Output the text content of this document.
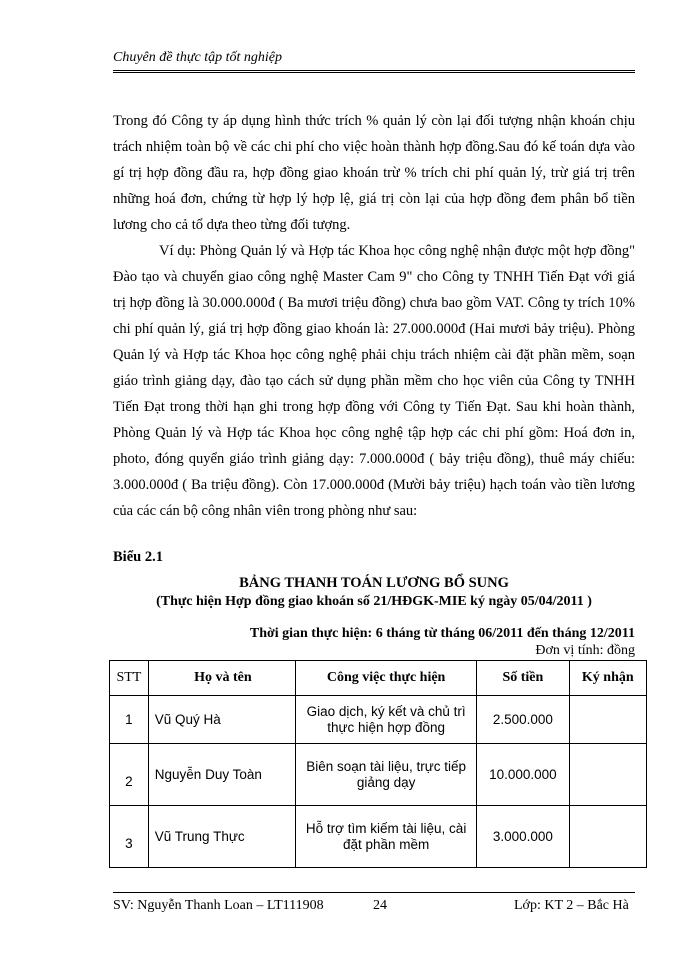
Chuyên đề thực tập tốt nghiệp
Trong đó Công ty áp dụng hình thức trích % quản lý còn lại đối tượng nhận khoán chịu trách nhiệm toàn bộ về các chi phí cho việc hoàn thành hợp đồng.Sau đó kế toán dựa vào gí trị hợp đồng đầu ra, hợp đồng giao khoán trừ % trích chi phí quản lý, trừ giá trị trên những hoá đơn, chứng từ hợp lý hợp lệ, giá trị còn lại của hợp đồng đem phân bổ tiền lương cho cả tổ dựa theo từng đối tượng.
Ví dụ: Phòng Quản lý và Hợp tác Khoa học công nghệ nhận được một hợp đồng" Đào tạo và chuyển giao công nghệ Master Cam 9" cho Công ty TNHH Tiến Đạt với giá trị hợp đồng là 30.000.000đ ( Ba mươi triệu đồng) chưa bao gồm VAT. Công ty trích 10% chi phí quản lý, giá trị hợp đồng giao khoán là: 27.000.000đ (Hai mươi bảy triệu). Phòng Quản lý và Hợp tác Khoa học công nghệ phải chịu trách nhiệm cài đặt phần mềm, soạn giáo trình giảng dạy, đào tạo cách sử dụng phần mềm cho học viên của Công ty TNHH Tiến Đạt trong thời hạn ghi trong hợp đồng với Công ty Tiến Đạt. Sau khi hoàn thành, Phòng Quản lý và Hợp tác Khoa học công nghệ tập hợp các chi phí gồm: Hoá đơn in, photo, đóng quyển giáo trình giảng dạy: 7.000.000đ ( bảy triệu đồng), thuê máy chiếu: 3.000.000đ ( Ba triệu đồng). Còn 17.000.000đ (Mười bảy triệu) hạch toán vào tiền lương của các cán bộ công nhân viên trong phòng như sau:
Biểu 2.1
BẢNG THANH TOÁN LƯƠNG BỔ SUNG
(Thực hiện Hợp đồng giao khoán số 21/HĐGK-MIE ký ngày 05/04/2011 )
Thời gian thực hiện: 6 tháng từ tháng 06/2011 đến tháng 12/2011
Đơn vị tính: đồng
STT	Họ và tên	Công việc thực hiện	Số tiền	Ký nhận
1	Vũ Quý Hà	Giao dịch, ký kết và chủ trì thực hiện hợp đồng	2.500.000	
2	Nguyễn Duy Toàn	Biên soạn tài liệu, trực tiếp giảng dạy	10.000.000	
3	Vũ Trung Thực	Hỗ trợ tìm kiếm tài liệu, cài đặt phần mềm	3.000.000	
SV: Nguyễn Thanh Loan – LT111908	24	Lớp: KT 2 – Bắc Hà
